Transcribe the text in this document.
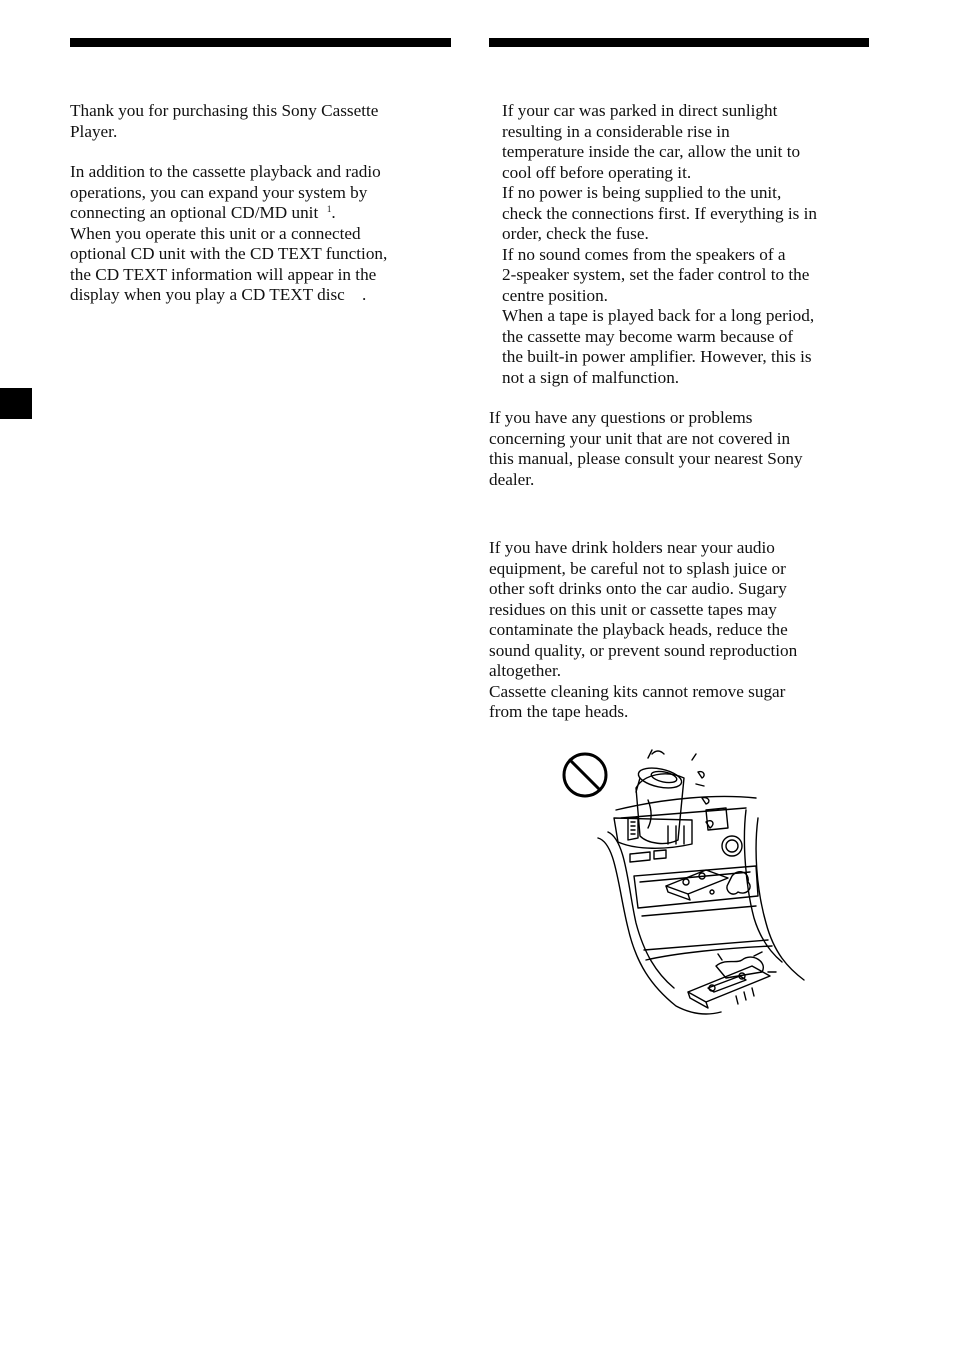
Thank you for purchasing this Sony Cassette
Player.
In addition to the cassette playback and radio
operations, you can expand your system by
connecting an optional CD/MD unit $^1$.
When you operate this unit or a connected
optional CD unit with the CD TEXT function,
the CD TEXT information will appear in the
display when you play a CD TEXT disc .
If your car was parked in direct sunlight
resulting in a considerable rise in
temperature inside the car, allow the unit to
cool off before operating it.
If no power is being supplied to the unit,
check the connections first. If everything is in
order, check the fuse.
If no sound comes from the speakers of a
2-speaker system, set the fader control to the
centre position.
When a tape is played back for a long period,
the cassette may become warm because of
the built-in power amplifier. However, this is
not a sign of malfunction.
If you have any questions or problems
concerning your unit that are not covered in
this manual, please consult your nearest Sony
dealer.
If you have drink holders near your audio
equipment, be careful not to splash juice or
other soft drinks onto the car audio. Sugary
residues on this unit or cassette tapes may
contaminate the playback heads, reduce the
sound quality, or prevent sound reproduction
altogether.
Cassette cleaning kits cannot remove sugar
from the tape heads.
